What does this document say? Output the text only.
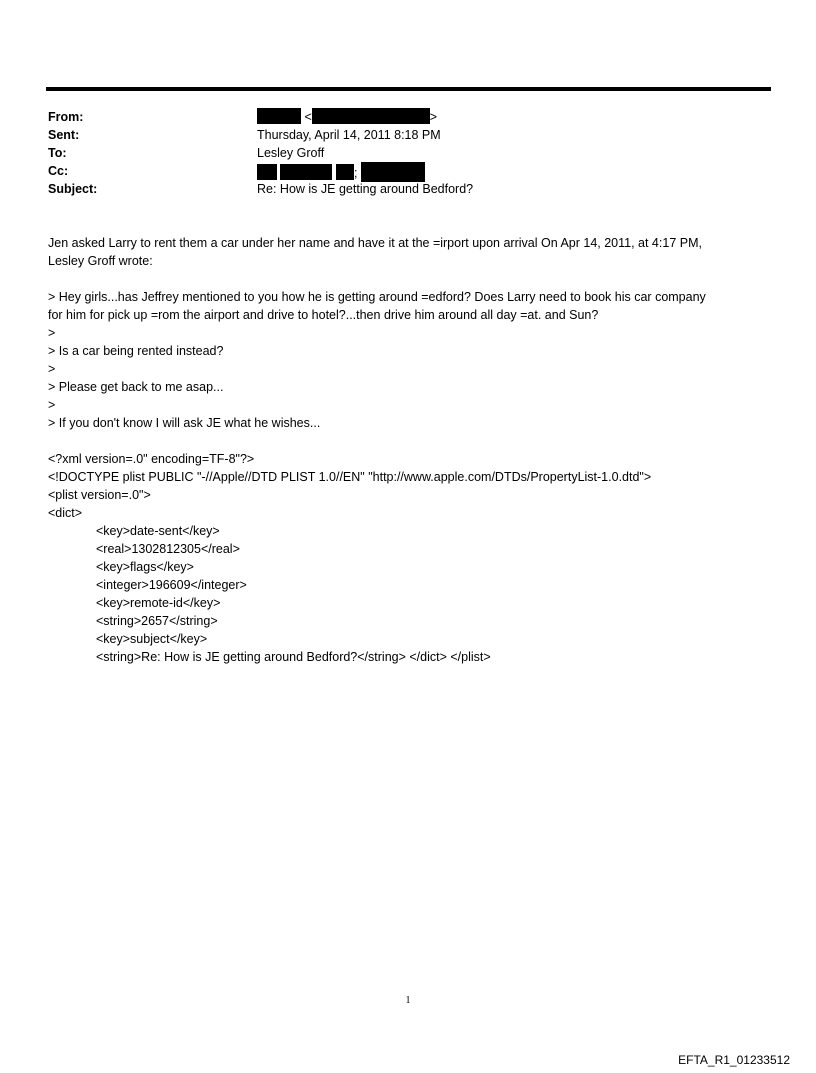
From:	<	>
Sent:	Thursday, April 14, 2011 8:18 PM
To:	Lesley Groff
Cc:	;
Subject:	Re: How is JE getting around Bedford?

Jen asked Larry to rent them a car under her name and have it at the =irport upon arrival On Apr 14, 2011, at 4:17 PM,

Lesley Groff wrote:

> Hey girls...has Jeffrey mentioned to you how he is getting around =edford? Does Larry need to book his car company

for him for pick up =rom the airport and drive to hotel?...then drive him around all day =at. and Sun?

>

> Is a car being rented instead?

>

> Please get back to me asap...

>

> If you don't know I will ask JE what he wishes...

<?xml version=.0" encoding=TF-8"?>

<!DOCTYPE plist PUBLIC "-//Apple//DTD PLIST 1.0//EN" "http://www.apple.com/DTDs/PropertyList-1.0.dtd">

<plist version=.0">

<dict>

<key>date-sent</key>

<real>1302812305</real>

<key>flags</key>

<integer>196609</integer>

<key>remote-id</key>

<string>2657</string>

<key>subject</key>

<string>Re: How is JE getting around Bedford?</string> </dict> </plist>

1
EFTA_R1_01233512
